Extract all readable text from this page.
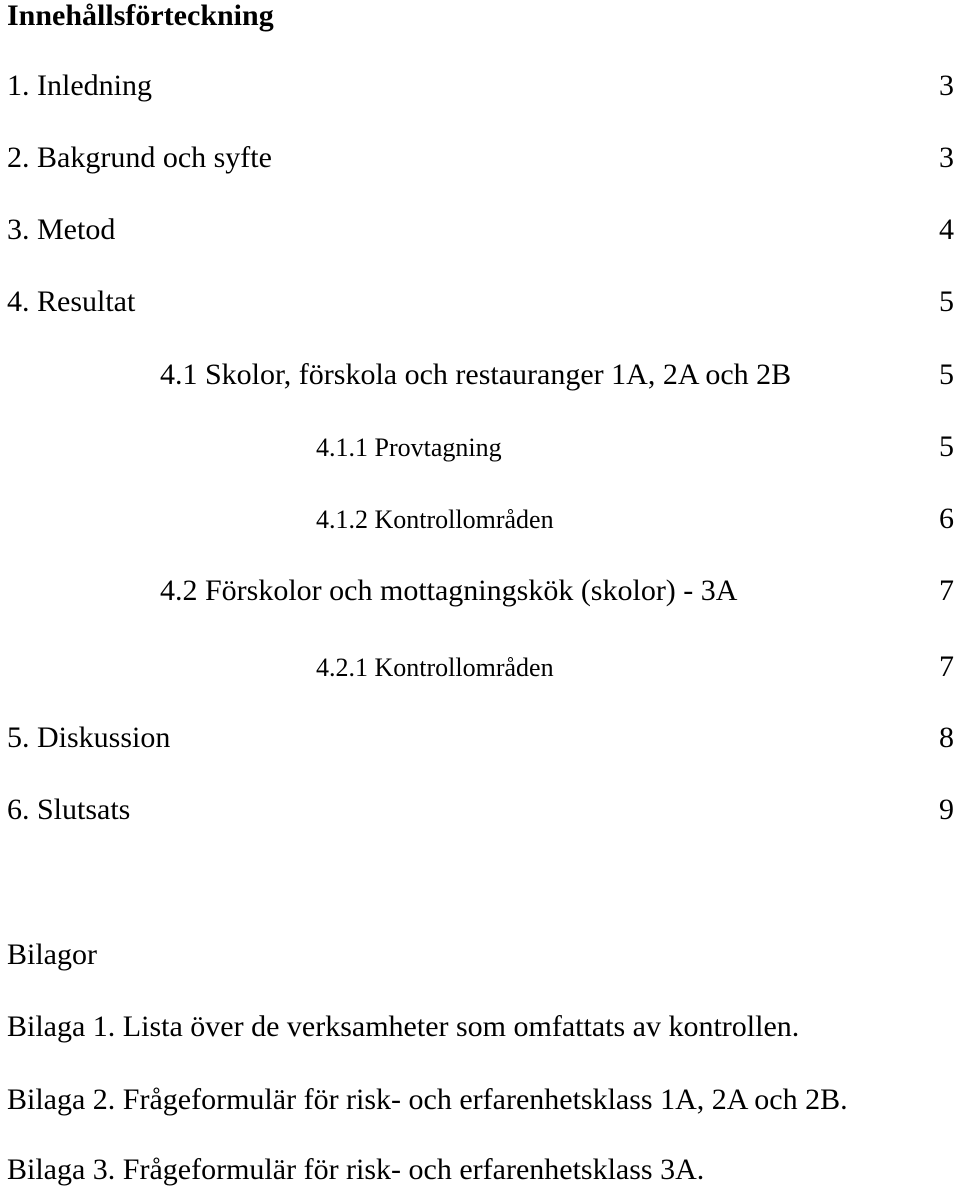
Innehållsförteckning
1. Inledning	3
2. Bakgrund och syfte	3
3. Metod	4
4. Resultat	5
4.1 Skolor, förskola och restauranger 1A, 2A och 2B	5
4.1.1 Provtagning	5
4.1.2 Kontrollområden	6
4.2 Förskolor och mottagningskök (skolor) - 3A	7
4.2.1 Kontrollområden	7
5. Diskussion	8
6. Slutsats	9
Bilagor
Bilaga 1. Lista över de verksamheter som omfattats av kontrollen.
Bilaga 2. Frågeformulär för risk- och erfarenhetsklass 1A, 2A och 2B.
Bilaga 3. Frågeformulär för risk- och erfarenhetsklass 3A.
